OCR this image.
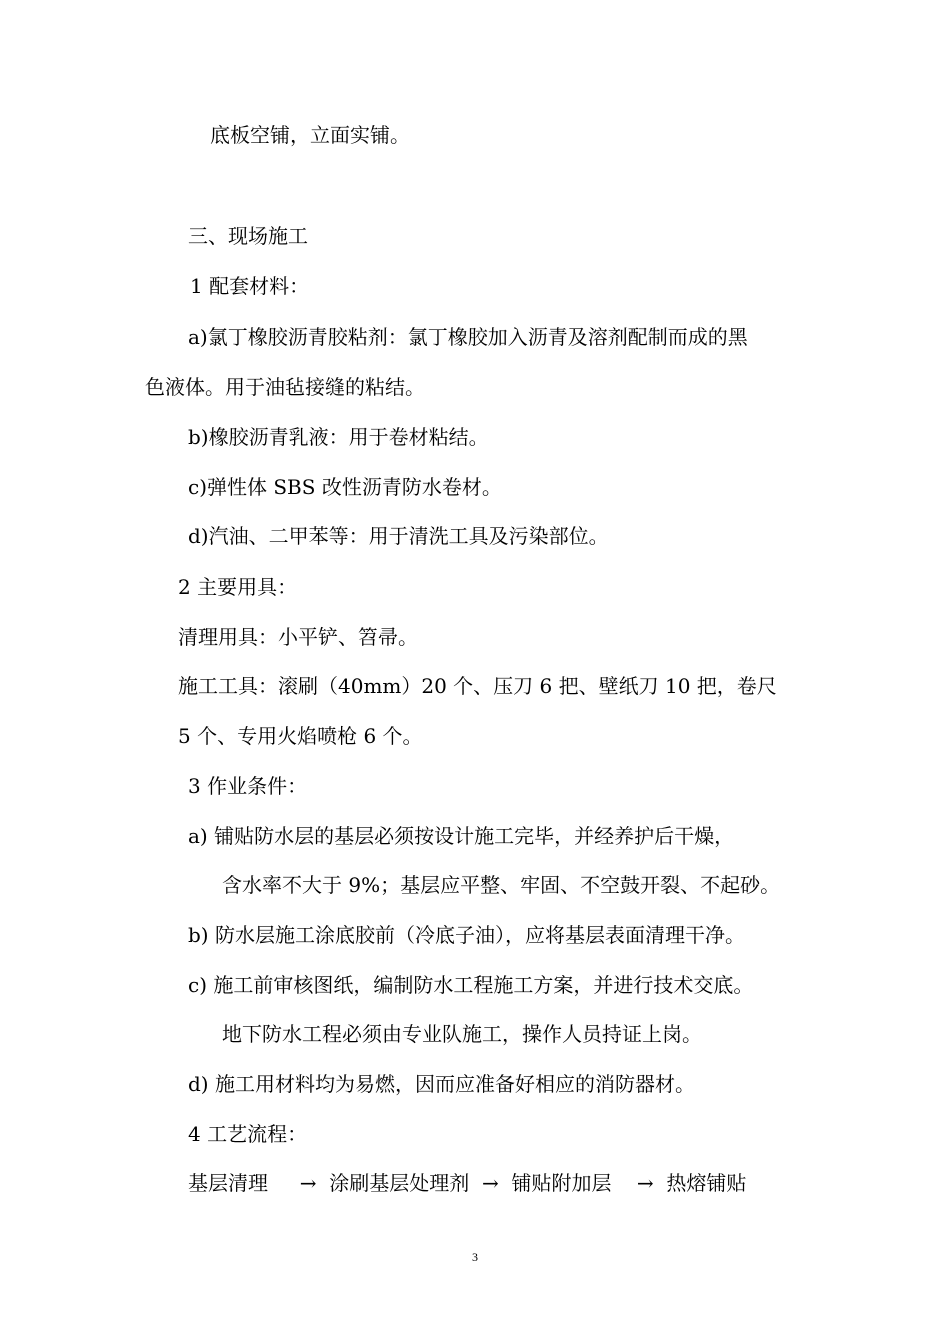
底板空铺，立面实铺。
三、现场施工
1 配套材料：
a)氯丁橡胶沥青胶粘剂：氯丁橡胶加入沥青及溶剂配制而成的黑
色液体。用于油毡接缝的粘结。
b)橡胶沥青乳液：用于卷材粘结。
c)弹性体 SBS 改性沥青防水卷材。
d)汽油、二甲苯等：用于清洗工具及污染部位。
2 主要用具：
清理用具：小平铲、笤帚。
施工工具：滚刷（40mm）20 个、压刀 6 把、壁纸刀 10 把，卷尺
5 个、专用火焰喷枪 6 个。
3 作业条件：
a) 铺贴防水层的基层必须按设计施工完毕，并经养护后干燥，
含水率不大于 9%；基层应平整、牢固、不空鼓开裂、不起砂。
b) 防水层施工涂底胶前（冷底子油），应将基层表面清理干净。
c) 施工前审核图纸，编制防水工程施工方案，并进行技术交底。
地下防水工程必须由专业队施工，操作人员持证上岗。
d) 施工用材料均为易燃，因而应准备好相应的消防器材。
4 工艺流程：
基层清理     →  涂刷基层处理剂  →  铺贴附加层    →  热熔铺贴
3
